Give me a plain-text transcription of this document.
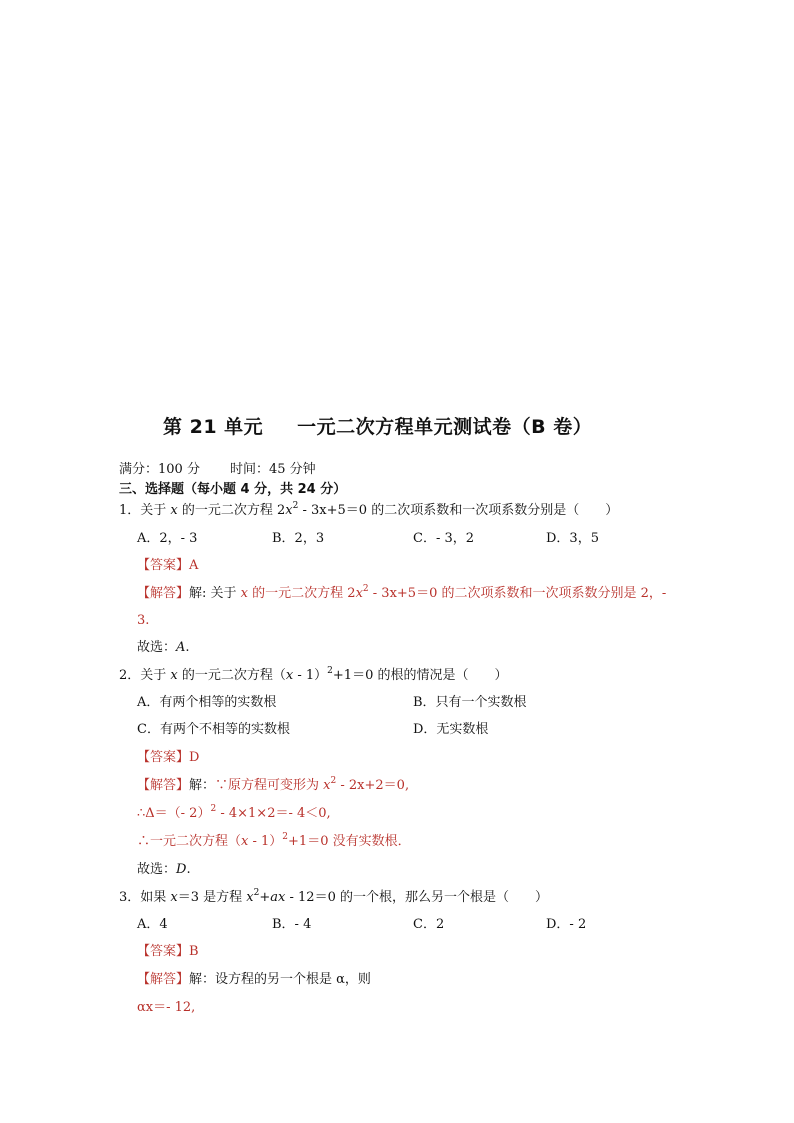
第 21 单元 一元二次方程单元测试卷（B 卷）
满分：100 分 时间：45 分钟
三、选择题（每小题 4 分，共 24 分）
1．关于 x 的一元二次方程 $2x^2 - 3x+5=0$ 的二次项系数和一次项系数分别是（　　）
A．2，- 3	B．2，3	C．- 3，2	D．3，5
【答案】A
【解答】解: 关于 x 的一元二次方程 $2x^2 - 3x+5=0$ 的二次项系数和一次项系数分别是 2，-
3.
故选：A.
2．关于 x 的一元二次方程（x - 1）$^2$+1＝0 的根的情况是（　　）
A．有两个相等的实数根	B．只有一个实数根
C．有两个不相等的实数根	D．无实数根
【答案】D
【解答】解：∵原方程可变形为 $x^2 - 2x+2=0$,
∴Δ＝（- 2）$^2$ - 4×1×2＝- 4＜0,
∴一元二次方程（x - 1）$^2$+1＝0 没有实数根．
故选：D.
3．如果 x＝3 是方程 $x^2+ax - 12=0$ 的一个根，那么另一个根是（　　）
A．4	B．- 4	C．2	D．- 2
【答案】B
【解答】解：设方程的另一个根是 α，则
αx＝- 12,
